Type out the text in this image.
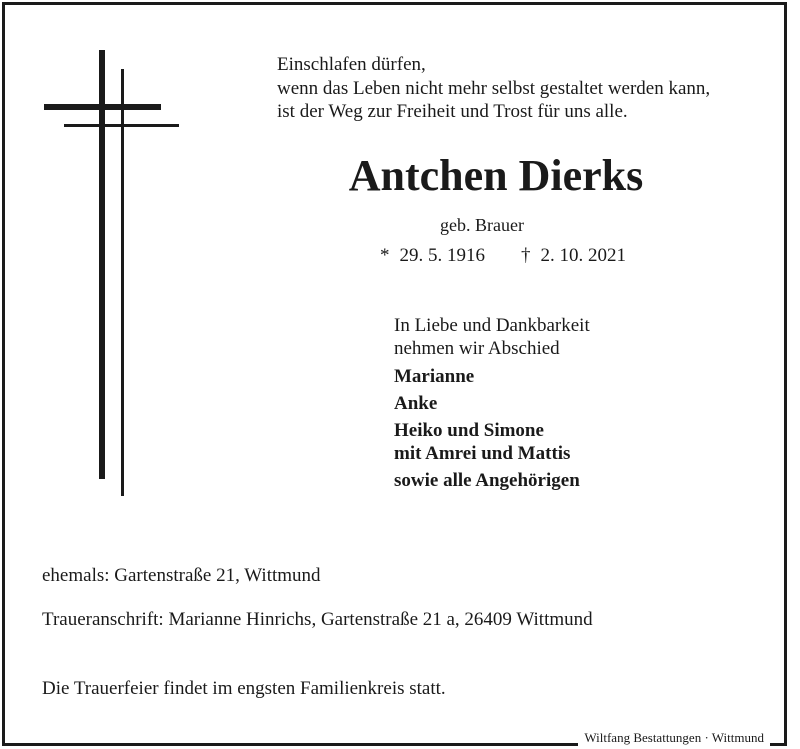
Einschlafen dürfen,
wenn das Leben nicht mehr selbst gestaltet werden kann,
ist der Weg zur Freiheit und Trost für uns alle.
Antchen Dierks
geb. Brauer
* 29. 5. 1916 † 2. 10. 2021
In Liebe und Dankbarkeit
nehmen wir Abschied
Marianne
Anke
Heiko und Simone
mit Amrei und Mattis
sowie alle Angehörigen
ehemals: Gartenstraße 21, Wittmund
Traueranschrift: Marianne Hinrichs, Gartenstraße 21 a, 26409 Wittmund
Die Trauerfeier findet im engsten Familienkreis statt.
Wiltfang Bestattungen · Wittmund
